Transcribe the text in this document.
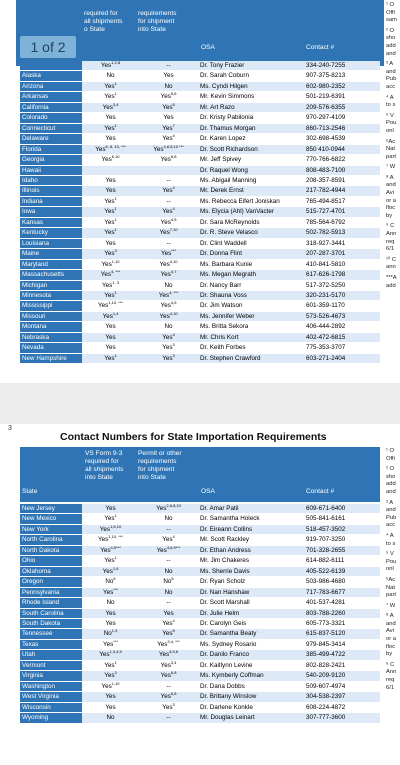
required for
all shipments
o State
requirements
for shipment
into State
OSA	Contact #
1 of 2
	Yes$^{1,2,8}$	--	Dr. Tony Frazier	334-240-7255
Alaska	No	Yes	Dr. Sarah Coburn	907-375-8213
Arizona	Yes$^1$	No	Ms. Cyndi Hilgen	602-980-2352
Arkansas	Yes$^1$	Yes$^{5,6}$	Mr. Kevin Simmons	501-219-6391
California	Yes$^{3,4}$	Yes$^6$	Mr. Art Razo	209-576-6355
Colorado	Yes	Yes	Dr. Kristy Pabilonia	970-297-4109
Connecticut	Yes$^1$	Yes$^7$	Dr. Thamus Morgan	860-713-2546
Delaware	Yes	Yes$^4$	Dr. Karen Lopez	302-698-4539
Florida	Yes$^{6, 8, 10, ***}$	Yes$^{4,6,8,10 ***}$	Dr. Scott Richardson	850 410-0944
Georgia	Yes$^{6,10}$	Yes$^{6,8}$	Mr. Jeff Spivey	770-766-6822
Hawaii			Dr. Raquel Wong	808-483-7100
Idaho	Yes	--	Ms. Abigail Manning	208-357-8591
Illinois	Yes	Yes$^4$	Mr. Derek Ernst	217-782-4944
Indiana	Yes$^1$	--	Ms. Rebecca Eifert Joniskan	765-494-8517
Iowa	Yes$^1$	Yes$^4$	Ms. Elycia (Ahl) VanVacter	515-727-4701
Kansas	Yes$^1$	Yes$^{4,5}$	Dr. Sara McReynolds	785-564-6792
Kentucky	Yes$^1$	Yes$^{7,10}$	Dr. R. Steve Velasco	502-782-5913
Louisiana	Yes	--	Dr. Clint Waddell	318-927-3441
Maine	Yes$^3$	Yes***	Dr. Donna Flint	207-287-3701
Maryland	Yes$^{1,10}$	Yes$^{4,10}$	Ms. Barbara Kunie	410-841-5810
Massachusetts	Yes$^{4, ***}$	Yes$^{4,7}$	Ms. Megan Megrath	617-626-1798
Michigan	Yes$^{1, 3}$	No	Dr. Nancy Barr	517-372-5250
Minnesota	Yes$^1$	Yes$^{4, ***}$	Dr. Shauna Voss	320-231-5170
Mississippi	Yes$^{1,10, ***}$	Yes$^{4,6}$	Dr. Jim Watson	601-359-1170
Missouri	Yes$^{1,4}$	Yes$^{4,10}$	Ms. Jennifer Weber	573-526-4673
Montana	Yes	No	Ms. Britta Sekora	406-444-2892
Nebraska	Yes	Yes$^4$	Mr. Chris Kort	402-472-6815
Nevada	Yes	Yes$^3$	Dr. Keith Forbes	775-353-3707
New Hampshire	Yes$^1$	Yes$^3$	Dr. Stephen Crawford	603-271-2404
¹ O
Offi
sam
² O
sho
add
and
³ A
and
Pub
acc
⁴ A
to s
⁵ V
Pou
onl
⁶Ac
Nat
part
⁷ W
⁸ A
and
Avi
or a
floc
by
⁹ C
Ann
req
6/1
¹⁰ C
ann
***A
add
3
Contact Numbers for State Importation Requirements
State
VS Form 9-3
required for
all shipments
into State
Permit or other
requirements
for shipment
into State
OSA	Contact #
New Jersey	Yes	Yes$^{2,6,8,10}$	Dr. Amar Patil	609-671-6400
New Mexico	Yes$^1$	No	Dr. Samantha Holeck	505-841-6161
New York	Yes$^{1,8,10}$	--	Dr. Eireann Collins	518-457-3502
North Carolina	Yes$^{1,10, ***}$	Yes$^4$	Mr. Scott Rackley	919-707-3250
North Dakota	Yes$^{4,5***}$	Yes$^{4,6,9***}$	Dr. Ethan Andress	701-328-2655
Ohio	Yes$^1$	--	Mr. Jim Chakeres	614-882-6111
Oklahoma	Yes$^{1,6}$	No	Ms. Sherrie Davis	405-522-6139
Oregon	No$^6$	No$^6$	Dr. Ryan Scholz	503-986-4680
Pennsylvania	Yes***	No	Dr. Nan Hanshaw	717-783-6677
Rhode Island	No	--	Dr. Scott Marshall	401-537-4281
South Carolina	Yes	Yes	Dr. Julie Helm	803-788-2260
South Dakota	Yes	Yes$^4$	Dr. Carolyn Geis	605-773-3321
Tennessee	No$^{1,3}$	Yes$^5$	Dr. Samantha Beaty	615-837-5120
Texas	Yes***	Yes$^{3,4, ***}$	Ms. Sydney Rosario	979-845-3414
Utah	Yes$^{1,3,4,5}$	Yes$^{4,5,6}$	Dr. Danilo Franco	385-499-4722
Vermont	Yes$^1$	Yes$^{3,4}$	Dr. Kaitlynn Levine	802-828-2421
Virginia	Yes$^3$	Yes$^{6,8}$	Ms. Kymberly Coffman	540-209-9120
Washington	Yes$^{1,10}$	--	Dr. Dana Dobbs	509-607-4974
West Virginia	Yes	Yes$^{6,8}$	Dr. Brittany Winslow	304-538-2397
Wisconsin	Yes	Yes$^3$	Dr. Darlene Konkle	608-224-4872
Wyoming	No	--	Mr. Douglas Leinart	307-777-3600
¹ O
Offi
² O
sho
add
and
³ A
and
Pub
acc
⁴ A
to s
⁵ V
Pou
onl
⁶Ac
Nat
part
⁷ W
⁸ A
and
Avi
or a
floc
by
⁹ C
Ann
req
6/1
